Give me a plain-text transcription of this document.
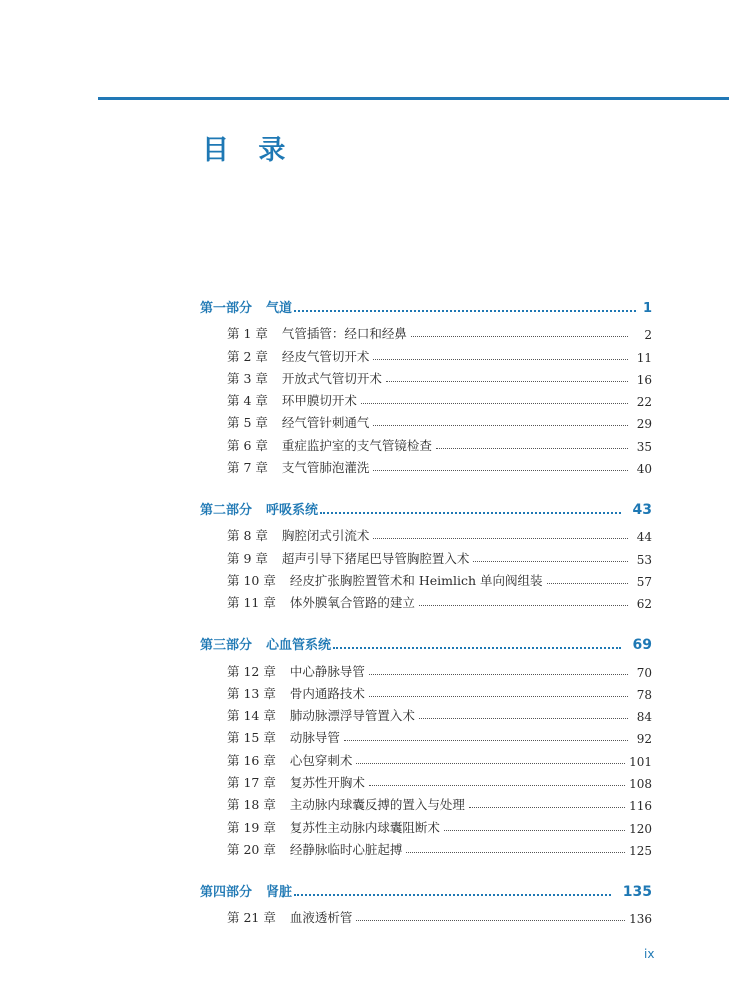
目 录
第一部分	气道	1
第 1 章 气管插管：经口和经鼻	2
第 2 章 经皮气管切开术	11
第 3 章 开放式气管切开术	16
第 4 章 环甲膜切开术	22
第 5 章 经气管针刺通气	29
第 6 章 重症监护室的支气管镜检查	35
第 7 章 支气管肺泡灌洗	40
第二部分	呼吸系统	43
第 8 章 胸腔闭式引流术	44
第 9 章 超声引导下猪尾巴导管胸腔置入术	53
第 10 章 经皮扩张胸腔置管术和 Heimlich 单向阀组装	57
第 11 章 体外膜氧合管路的建立	62
第三部分	心血管系统	69
第 12 章 中心静脉导管	70
第 13 章 骨内通路技术	78
第 14 章 肺动脉漂浮导管置入术	84
第 15 章 动脉导管	92
第 16 章 心包穿刺术	101
第 17 章 复苏性开胸术	108
第 18 章 主动脉内球囊反搏的置入与处理	116
第 19 章 复苏性主动脉内球囊阻断术	120
第 20 章 经静脉临时心脏起搏	125
第四部分	肾脏	135
第 21 章 血液透析管	136
ix
